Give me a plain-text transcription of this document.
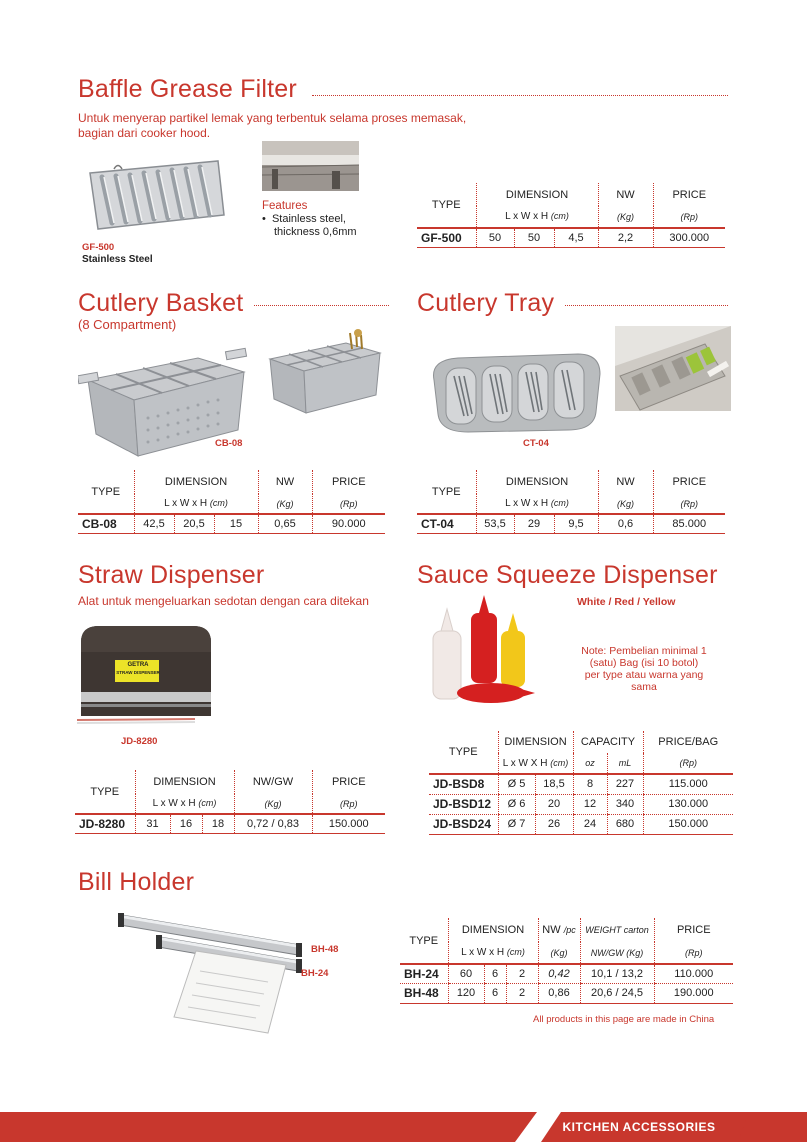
Baffle Grease Filter
Untuk menyerap partikel lemak yang terbentuk selama proses memasak,
bagian dari cooker hood.
GF-500
Stainless Steel
Features
•  Stainless steel,
thickness 0,6mm
TYPE	DIMENSION			NW	PRICE
	L x W x H (cm)			(Kg)	(Rp)
GF-500	50	50	4,5	2,2	300.000
Cutlery Basket
(8 Compartment)
CB-08
TYPE	DIMENSION			NW	PRICE
	L x W x H (cm)			(Kg)	(Rp)
CB-08	42,5	20,5	15	0,65	90.000
Cutlery Tray
CT-04
TYPE	DIMENSION			NW	PRICE
	L x W x H (cm)			(Kg)	(Rp)
CT-04	53,5	29	9,5	0,6	85.000
Straw Dispenser
Alat untuk mengeluarkan sedotan dengan cara ditekan
GETRA
STRAW DISPENSER
JD-8280
TYPE	DIMENSION			NW/GW	PRICE
	L x W x H (cm)			(Kg)	(Rp)
JD-8280	31	16	18	0,72 / 0,83	150.000
Sauce Squeeze Dispenser
White / Red / Yellow
Note: Pembelian minimal 1
(satu) Bag (isi 10 botol)
per type atau warna yang
sama
TYPE	DIMENSION		CAPACITY		PRICE/BAG
	L x W X H (cm)		oz	mL	(Rp)
JD-BSD8	Ø 5	18,5	8	227	115.000
JD-BSD12	Ø 6	20	12	340	130.000
JD-BSD24	Ø 7	26	24	680	150.000
Bill Holder
BH-48
BH-24
TYPE	DIMENSION			NW /pc	WEIGHT carton	PRICE
	L x W x H (cm)			(Kg)	NW/GW (Kg)	(Rp)
BH-24	60	6	2	0,42	10,1 / 13,2	110.000
BH-48	120	6	2	0,86	20,6 / 24,5	190.000
All products in this page are made in China
KITCHEN ACCESSORIES
